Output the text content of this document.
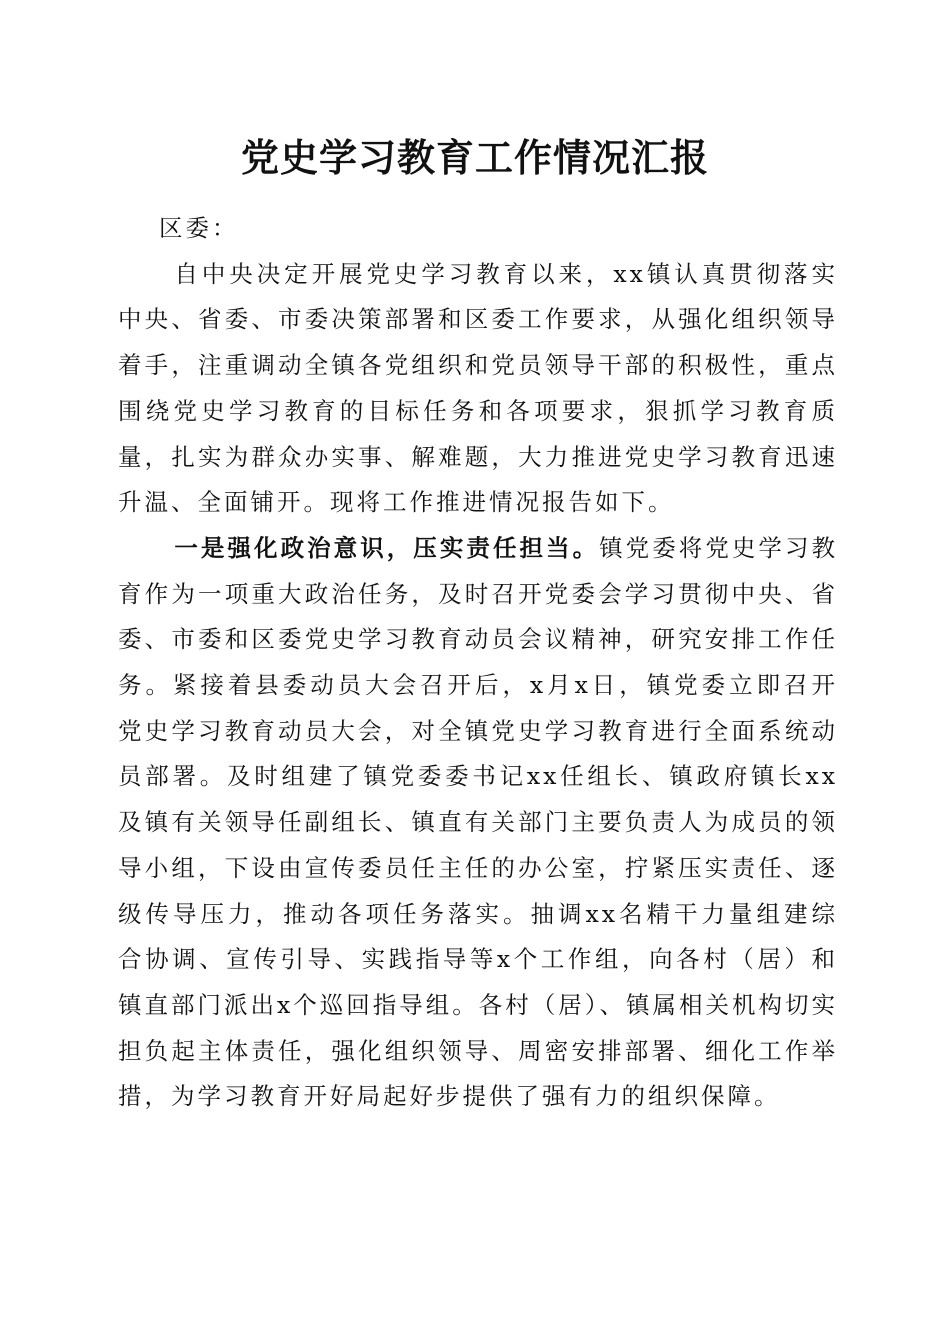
党史学习教育工作情况汇报

区委：

自中央决定开展党史学习教育以来，xx镇认真贯彻落实中央、省委、市委决策部署和区委工作要求，从强化组织领导着手，注重调动全镇各党组织和党员领导干部的积极性，重点围绕党史学习教育的目标任务和各项要求，狠抓学习教育质量，扎实为群众办实事、解难题，大力推进党史学习教育迅速升温、全面铺开。现将工作推进情况报告如下。

一是强化政治意识，压实责任担当。镇党委将党史学习教育作为一项重大政治任务，及时召开党委会学习贯彻中央、省委、市委和区委党史学习教育动员会议精神，研究安排工作任务。紧接着县委动员大会召开后，x月x日，镇党委立即召开党史学习教育动员大会，对全镇党史学习教育进行全面系统动员部署。及时组建了镇党委委书记xx任组长、镇政府镇长xx及镇有关领导任副组长、镇直有关部门主要负责人为成员的领导小组，下设由宣传委员任主任的办公室，拧紧压实责任、逐级传导压力，推动各项任务落实。抽调xx名精干力量组建综合协调、宣传引导、实践指导等x个工作组，向各村（居）和镇直部门派出x个巡回指导组。各村（居）、镇属相关机构切实担负起主体责任，强化组织领导、周密安排部署、细化工作举措，为学习教育开好局起好步提供了强有力的组织保障。
